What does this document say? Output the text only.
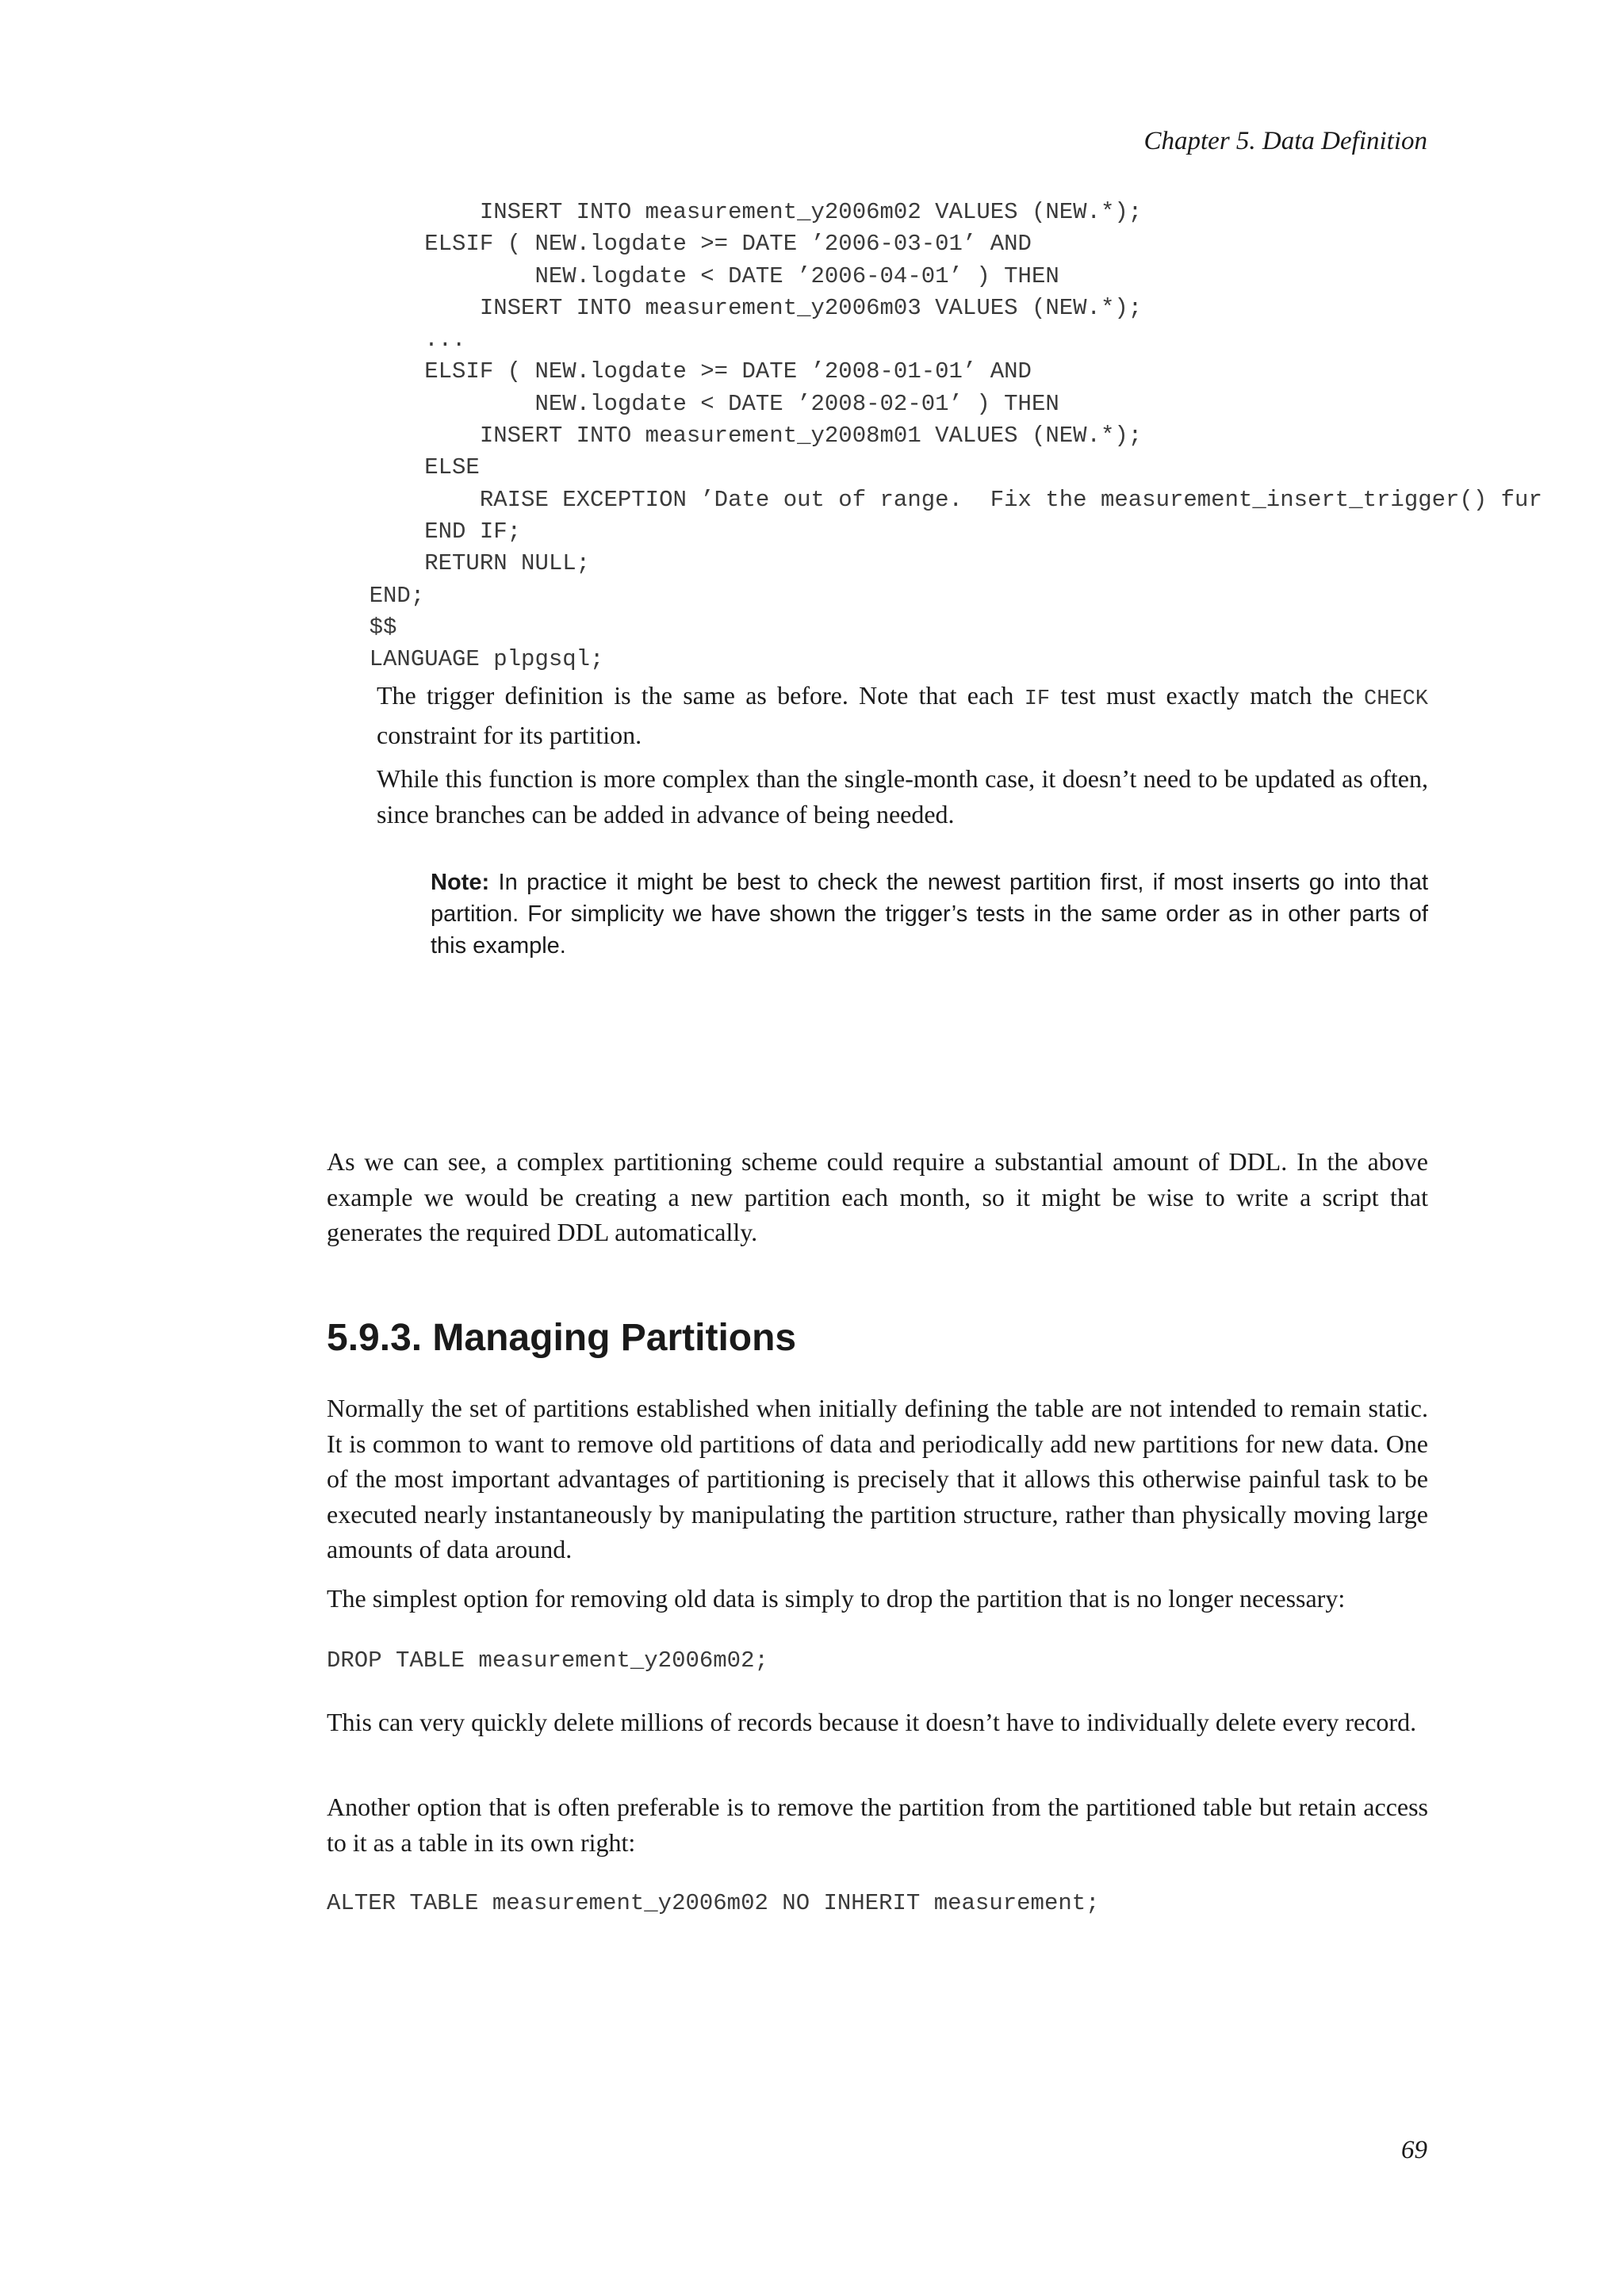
Chapter 5. Data Definition
INSERT INTO measurement_y2006m02 VALUES (NEW.*);
ELSIF ( NEW.logdate >= DATE ’2006-03-01’ AND
NEW.logdate < DATE ’2006-04-01’ ) THEN
INSERT INTO measurement_y2006m03 VALUES (NEW.*);
...
ELSIF ( NEW.logdate >= DATE ’2008-01-01’ AND
NEW.logdate < DATE ’2008-02-01’ ) THEN
INSERT INTO measurement_y2008m01 VALUES (NEW.*);
ELSE
RAISE EXCEPTION ’Date out of range.  Fix the measurement_insert_trigger() fur
END IF;
RETURN NULL;
END;
$$
LANGUAGE plpgsql;

The trigger definition is the same as before. Note that each IF test must exactly match the CHECK constraint for its partition.

While this function is more complex than the single-month case, it doesn’t need to be updated as often, since branches can be added in advance of being needed.

Note: In practice it might be best to check the newest partition first, if most inserts go into that partition. For simplicity we have shown the trigger’s tests in the same order as in other parts of this example.

As we can see, a complex partitioning scheme could require a substantial amount of DDL. In the above example we would be creating a new partition each month, so it might be wise to write a script that generates the required DDL automatically.

5.9.3. Managing Partitions

Normally the set of partitions established when initially defining the table are not intended to remain static. It is common to want to remove old partitions of data and periodically add new partitions for new data. One of the most important advantages of partitioning is precisely that it allows this otherwise painful task to be executed nearly instantaneously by manipulating the partition structure, rather than physically moving large amounts of data around.

The simplest option for removing old data is simply to drop the partition that is no longer necessary:

DROP TABLE measurement_y2006m02;

This can very quickly delete millions of records because it doesn’t have to individually delete every record.

Another option that is often preferable is to remove the partition from the partitioned table but retain access to it as a table in its own right:

ALTER TABLE measurement_y2006m02 NO INHERIT measurement;
69
